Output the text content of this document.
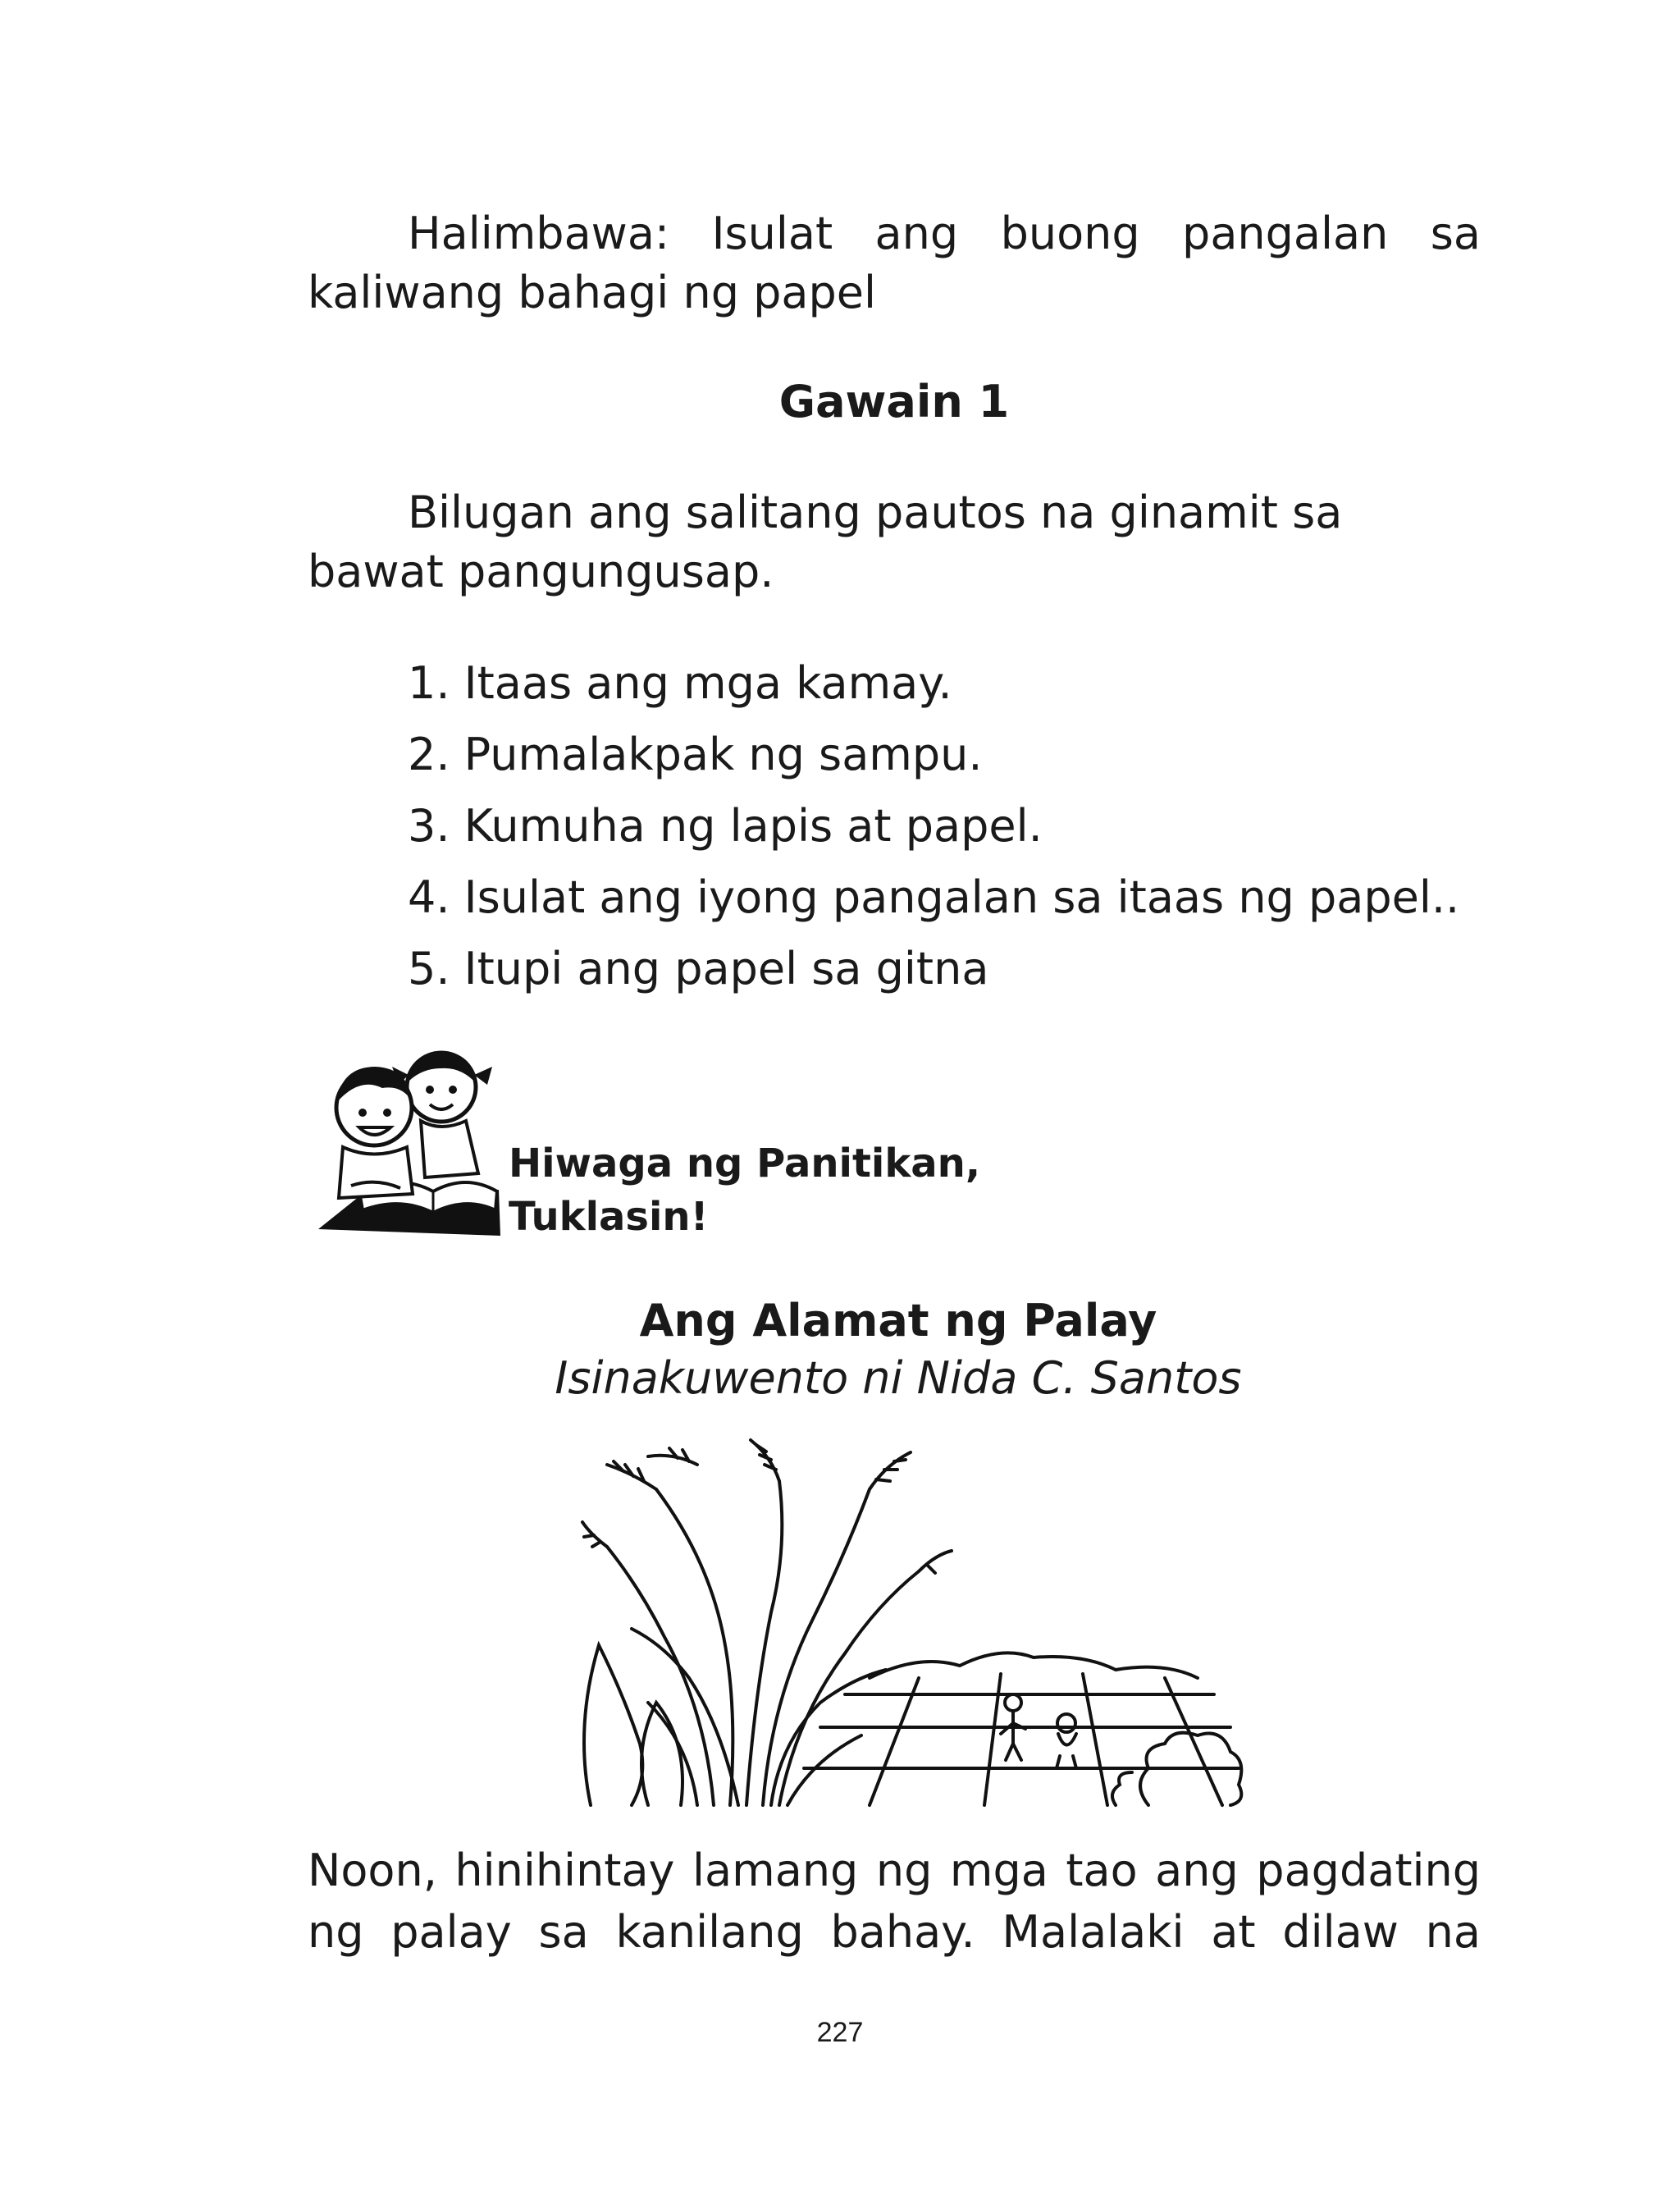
Halimbawa: Isulat ang buong pangalan sa
kaliwang bahagi ng papel
Gawain 1
Bilugan ang salitang pautos na ginamit sa
bawat pangungusap.
1. Itaas ang mga kamay.
2. Pumalakpak ng sampu.
3. Kumuha ng lapis at papel.
4. Isulat ang iyong pangalan sa itaas ng papel..
5. Itupi ang papel sa gitna
Hiwaga ng Panitikan,
Tuklasin!
Ang Alamat ng Palay
Isinakuwento ni Nida C. Santos
Noon, hinihintay lamang ng mga tao ang pagdating
ng palay sa kanilang bahay. Malalaki at dilaw na
227
